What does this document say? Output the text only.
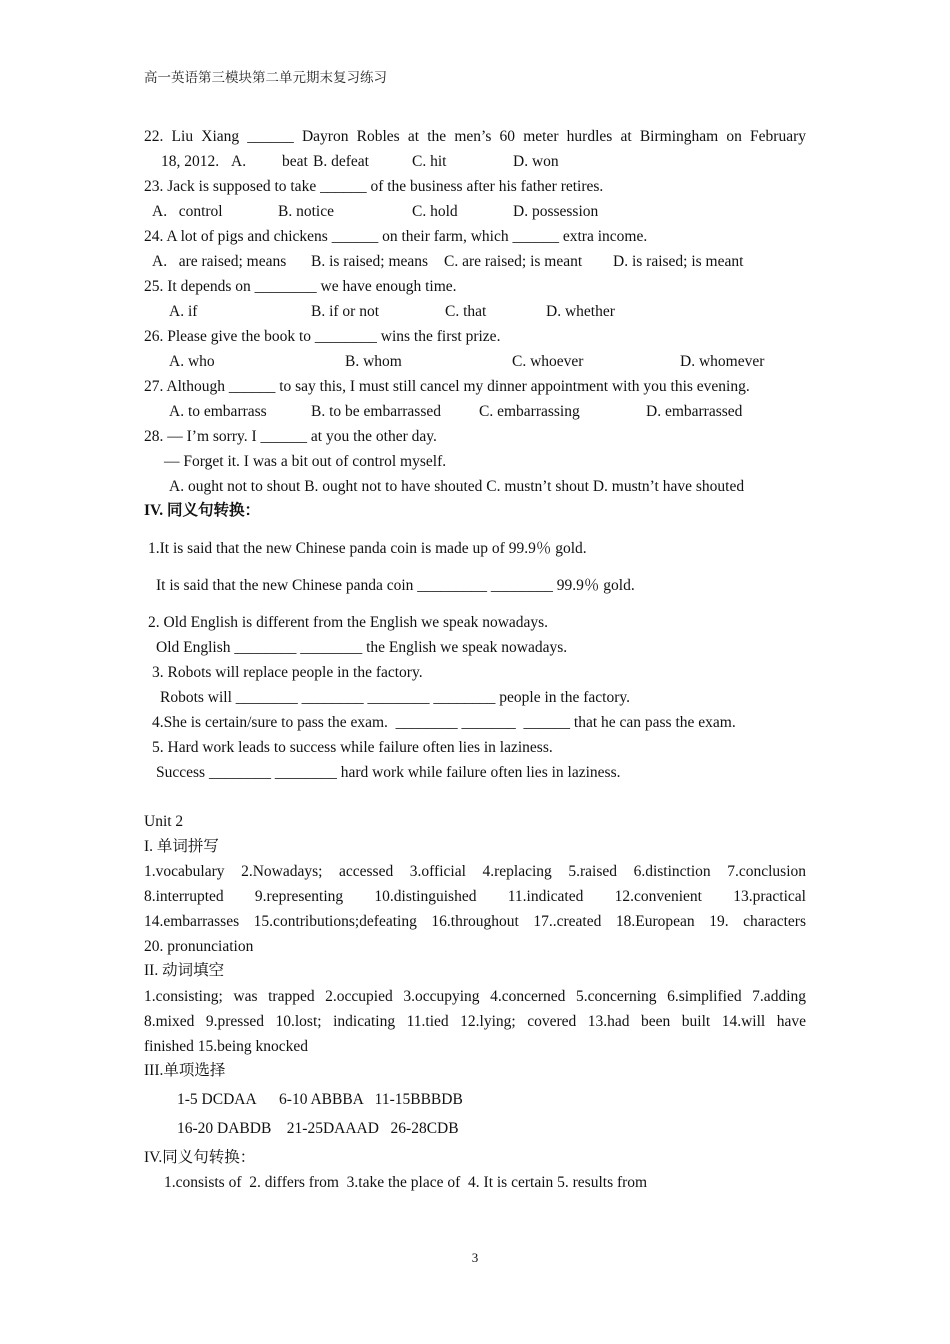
高一英语第三模块第二单元期末复习练习
22. Liu Xiang ______ Dayron Robles at the men’s 60 meter hurdles at Birmingham on February
18, 2012. A. beat B. defeat	C. hit	D. won
23. Jack is supposed to take ______ of the business after his father retires.
A.   control	B. notice	C. hold	D. possession
24. A lot of pigs and chickens ______ on their farm, which ______ extra income.
A.   are raised; means B. is raised; means C. are raised; is meant D. is raised; is meant
25. It depends on ________ we have enough time.
A. if	B. if or not	C. that	D. whether
26. Please give the book to ________ wins the first prize.
A. who	B. whom	C. whoever	D. whomever
27. Although ______ to say this, I must still cancel my dinner appointment with you this evening.
A. to embarrass	B. to be embarrassed C. embarrassing	D. embarrassed
28. — I’m sorry. I ______ at you the other day.
— Forget it. I was a bit out of control myself.
A. ought not to shout B. ought not to have shouted C. mustn’t shout D. mustn’t have shouted
IV. 同义句转换：
1.It is said that the new Chinese panda coin is made up of 99.9％ gold.
It is said that the new Chinese panda coin _________ ________ 99.9％ gold.
2. Old English is different from the English we speak nowadays.
Old English ________ ________ the English we speak nowadays.
3. Robots will replace people in the factory.
Robots will ________ ________ ________ ________ people in the factory.
4.She is certain/sure to pass the exam.  ________ _______  ______ that he can pass the exam.
5. Hard work leads to success while failure often lies in laziness.
Success ________ ________ hard work while failure often lies in laziness.
Unit 2
I. 单词拼写
1.vocabulary 2.Nowadays; accessed 3.official 4.replacing 5.raised 6.distinction 7.conclusion
8.interrupted 9.representing 10.distinguished 11.indicated 12.convenient 13.practical
14.embarrasses 15.contributions;defeating 16.throughout 17..created 18.European 19. characters
20. pronunciation
II. 动词填空
1.consisting; was trapped 2.occupied 3.occupying 4.concerned 5.concerning 6.simplified 7.adding
8.mixed 9.pressed 10.lost; indicating 11.tied 12.lying; covered 13.had been built 14.will have
finished 15.being knocked
III.单项选择
1-5 DCDAA      6-10 ABBBA   11-15BBBDB
16-20 DABDB    21-25DAAAD   26-28CDB
IV.同义句转换：
1.consists of  2. differs from  3.take the place of  4. It is certain 5. results from
3
